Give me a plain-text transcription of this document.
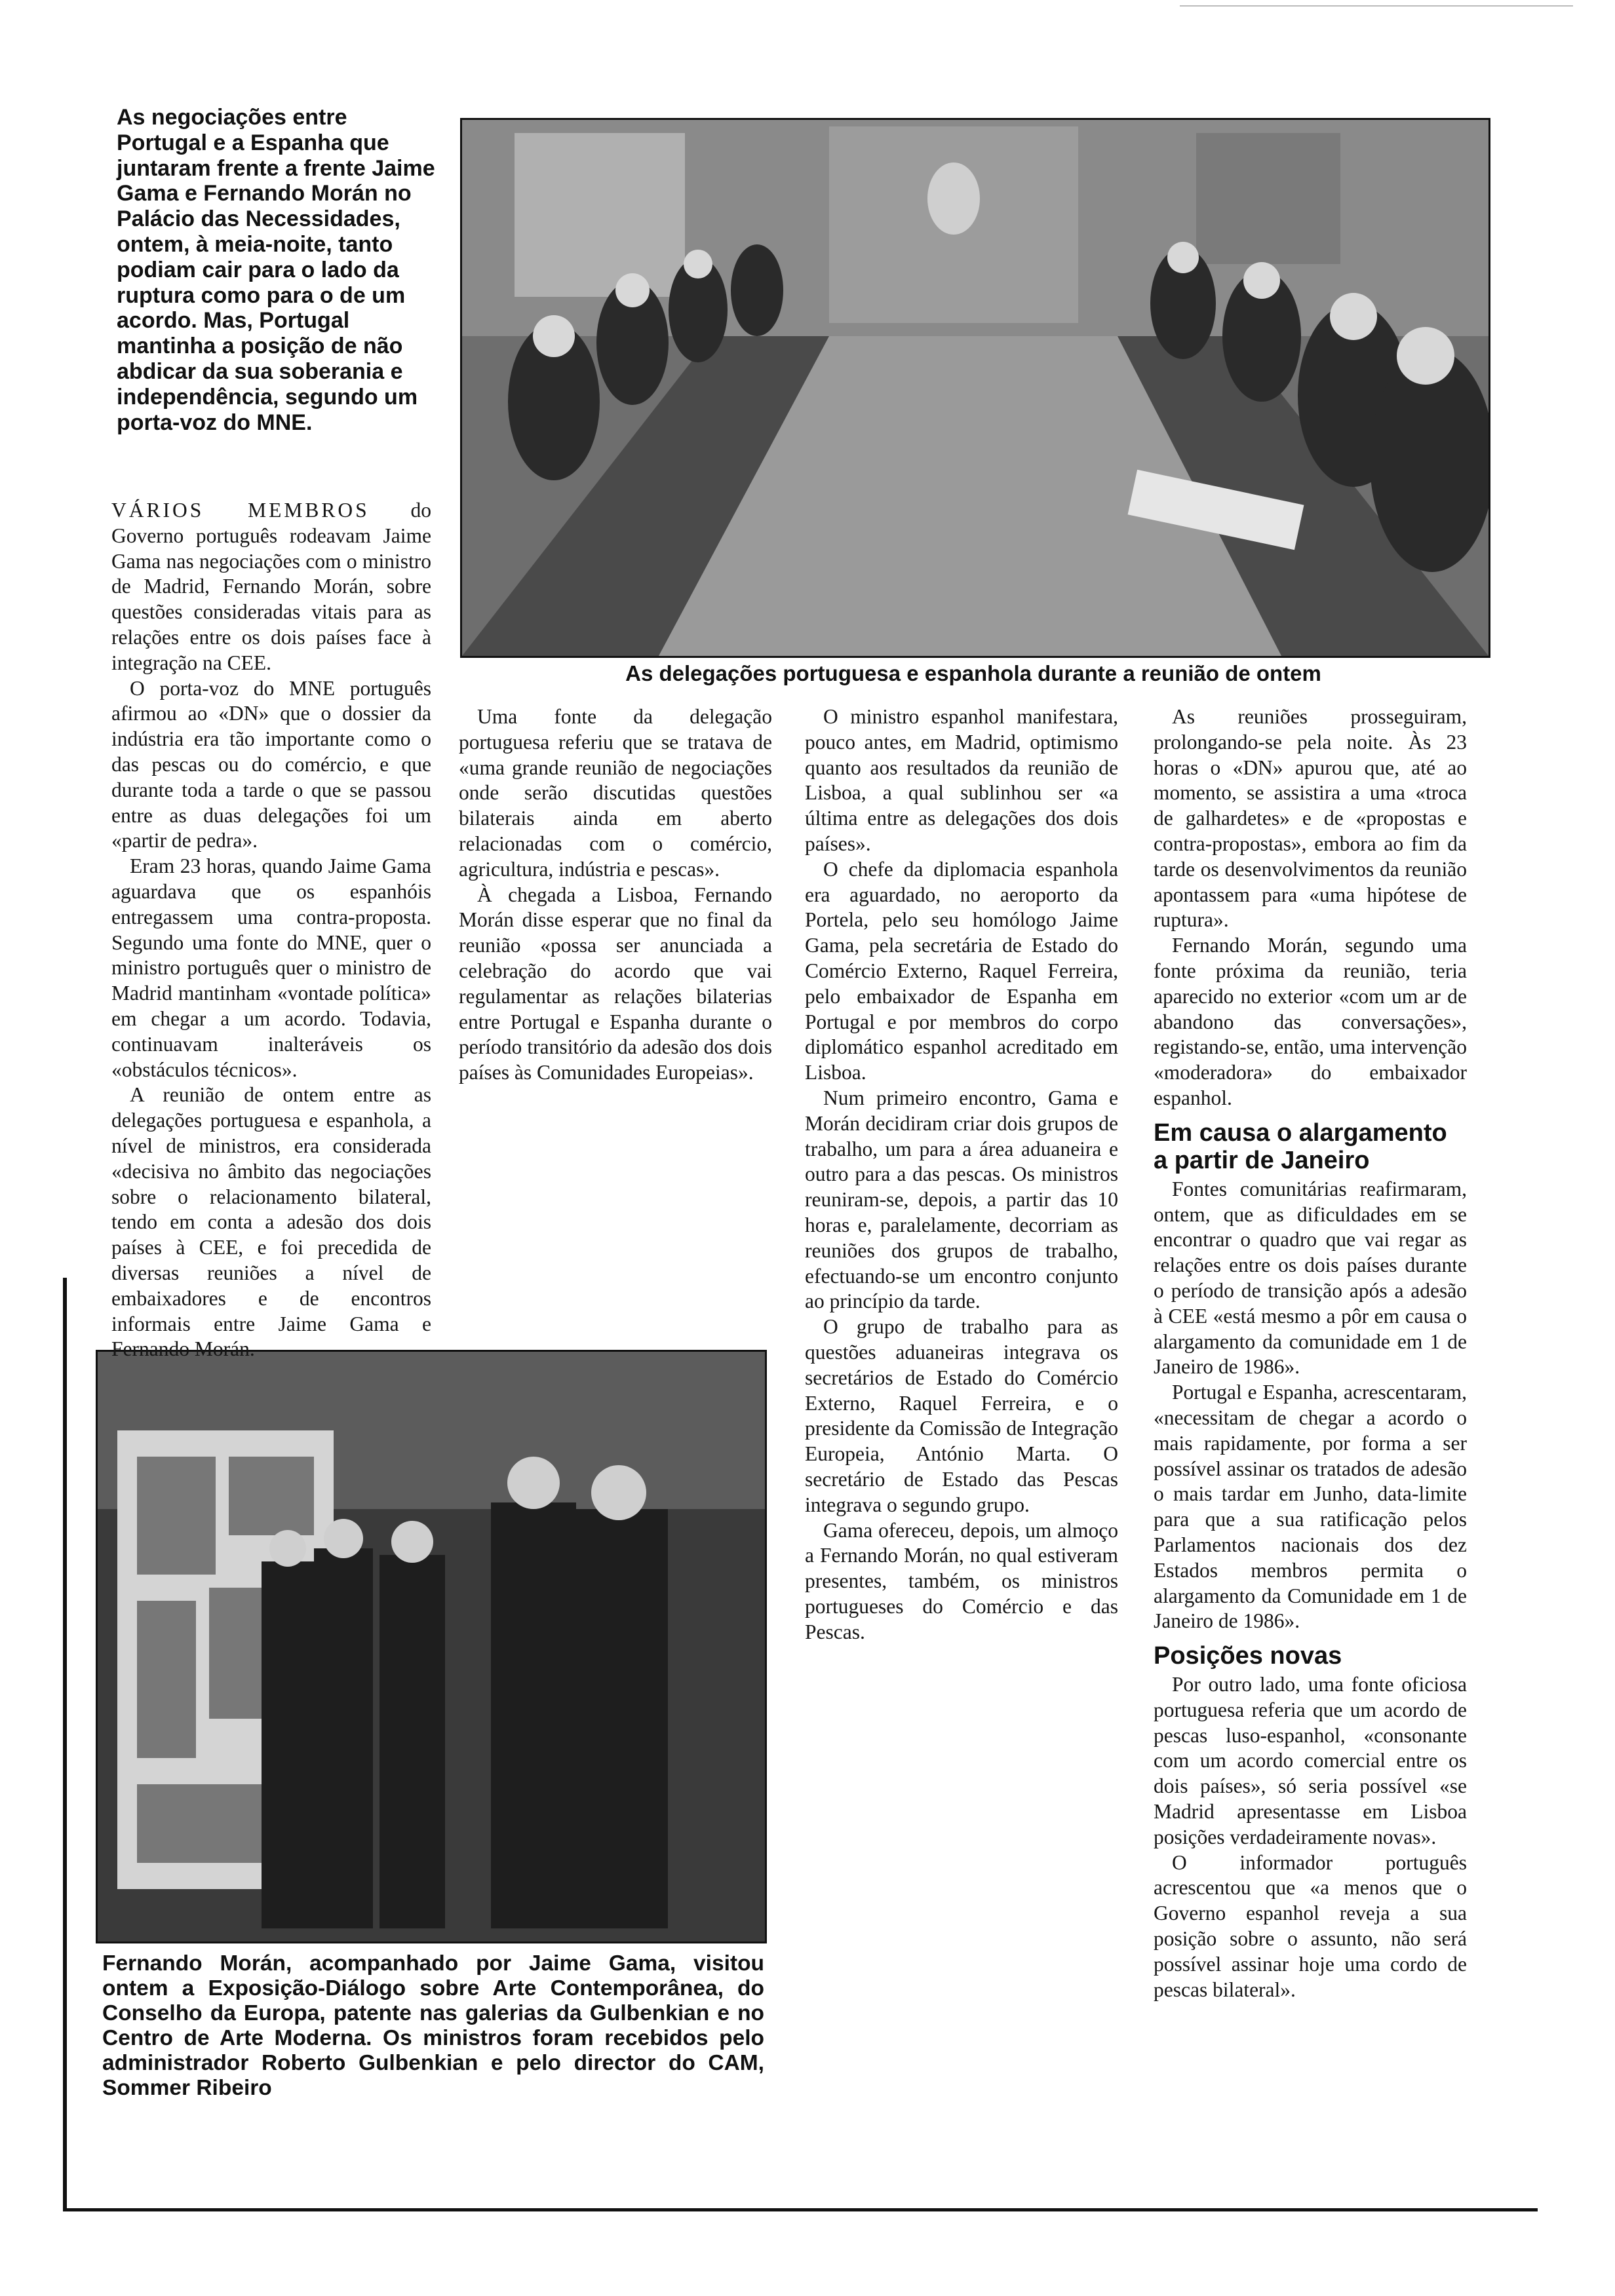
As negociações entre Portugal e a Espanha que juntaram frente a frente Jaime Gama e Fernando Morán no Palácio das Necessidades, ontem, à meia-noite, tanto podiam cair para o lado da ruptura como para o de um acordo. Mas, Portugal mantinha a posição de não abdicar da sua soberania e independência, segundo um porta-voz do MNE.

As delegações portuguesa e espanhola durante a reunião de ontem

Fernando Morán, acompanhado por Jaime Gama, visitou ontem a Exposição-Diálogo sobre Arte Contemporânea, do Conselho da Europa, patente nas galerias da Gulbenkian e no Centro de Arte Moderna. Os ministros foram recebidos pelo administrador Roberto Gulbenkian e pelo director do CAM, Sommer Ribeiro

VÁRIOS MEMBROS do Governo português rodeavam Jaime Gama nas negociações com o ministro de Madrid, Fernando Morán, sobre questões consideradas vitais para as relações entre os dois países face à integração na CEE.

O porta-voz do MNE português afirmou ao «DN» que o dossier da indústria era tão importante como o das pescas ou do comércio, e que durante toda a tarde o que se passou entre as duas delegações foi um «partir de pedra».

Eram 23 horas, quando Jaime Gama aguardava que os espanhóis entregassem uma contra-proposta. Segundo uma fonte do MNE, quer o ministro português quer o ministro de Madrid mantinham «vontade política» em chegar a um acordo. Todavia, continuavam inalteráveis os «obstáculos técnicos».

A reunião de ontem entre as delegações portuguesa e espanhola, a nível de ministros, era considerada «decisiva no âmbito das negociações sobre o relacionamento bilateral, tendo em conta a adesão dos dois países à CEE, e foi precedida de diversas reuniões a nível de embaixadores e de encontros informais entre Jaime Gama e Fernando Morán.

Uma fonte da delegação portuguesa referiu que se tratava de «uma grande reunião de negociações onde serão discutidas questões bilaterais ainda em aberto relacionadas com o comércio, agricultura, indústria e pescas».

À chegada a Lisboa, Fernando Morán disse esperar que no final da reunião «possa ser anunciada a celebração do acordo que vai regulamentar as relações bilaterias entre Portugal e Espanha durante o período transitório da adesão dos dois países às Comunidades Europeias».

O ministro espanhol manifestara, pouco antes, em Madrid, optimismo quanto aos resultados da reunião de Lisboa, a qual sublinhou ser «a última entre as delegações dos dois países».

O chefe da diplomacia espanhola era aguardado, no aeroporto da Portela, pelo seu homólogo Jaime Gama, pela secretária de Estado do Comércio Externo, Raquel Ferreira, pelo embaixador de Espanha em Portugal e por membros do corpo diplomático espanhol acreditado em Lisboa.

Num primeiro encontro, Gama e Morán decidiram criar dois grupos de trabalho, um para a área aduaneira e outro para a das pescas. Os ministros reuniram-se, depois, a partir das 10 horas e, paralelamente, decorriam as reuniões dos grupos de trabalho, efectuando-se um encontro conjunto ao princípio da tarde.

O grupo de trabalho para as questões aduaneiras integrava os secretários de Estado do Comércio Externo, Raquel Ferreira, e o presidente da Comissão de Integração Europeia, António Marta. O secretário de Estado das Pescas integrava o segundo grupo.

Gama ofereceu, depois, um almoço a Fernando Morán, no qual estiveram presentes, também, os ministros portugueses do Comércio e das Pescas.

As reuniões prosseguiram, prolongando-se pela noite. Às 23 horas o «DN» apurou que, até ao momento, se assistira a uma «troca de galhardetes» e de «propostas e contra-propostas», embora ao fim da tarde os desenvolvimentos da reunião apontassem para «uma hipótese de ruptura».

Fernando Morán, segundo uma fonte próxima da reunião, teria aparecido no exterior «com um ar de abandono das conversações», registando-se, então, uma intervenção «moderadora» do embaixador espanhol.

Em causa o alargamento a partir de Janeiro

Fontes comunitárias reafirmaram, ontem, que as dificuldades em se encontrar o quadro que vai regar as relações entre os dois países durante o período de transição após a adesão à CEE «está mesmo a pôr em causa o alargamento da comunidade em 1 de Janeiro de 1986».

Portugal e Espanha, acrescentaram, «necessitam de chegar a acordo o mais rapidamente, por forma a ser possível assinar os tratados de adesão o mais tardar em Junho, data-limite para que a sua ratificação pelos Parlamentos nacionais dos dez Estados membros permita o alargamento da Comunidade em 1 de Janeiro de 1986».

Posições novas

Por outro lado, uma fonte oficiosa portuguesa referia que um acordo de pescas luso-espanhol, «consonante com um acordo comercial entre os dois países», só seria possível «se Madrid apresentasse em Lisboa posições verdadeiramente novas».

O informador português acrescentou que «a menos que o Governo espanhol reveja a sua posição sobre o assunto, não será possível assinar hoje uma cordo de pescas bilateral».
